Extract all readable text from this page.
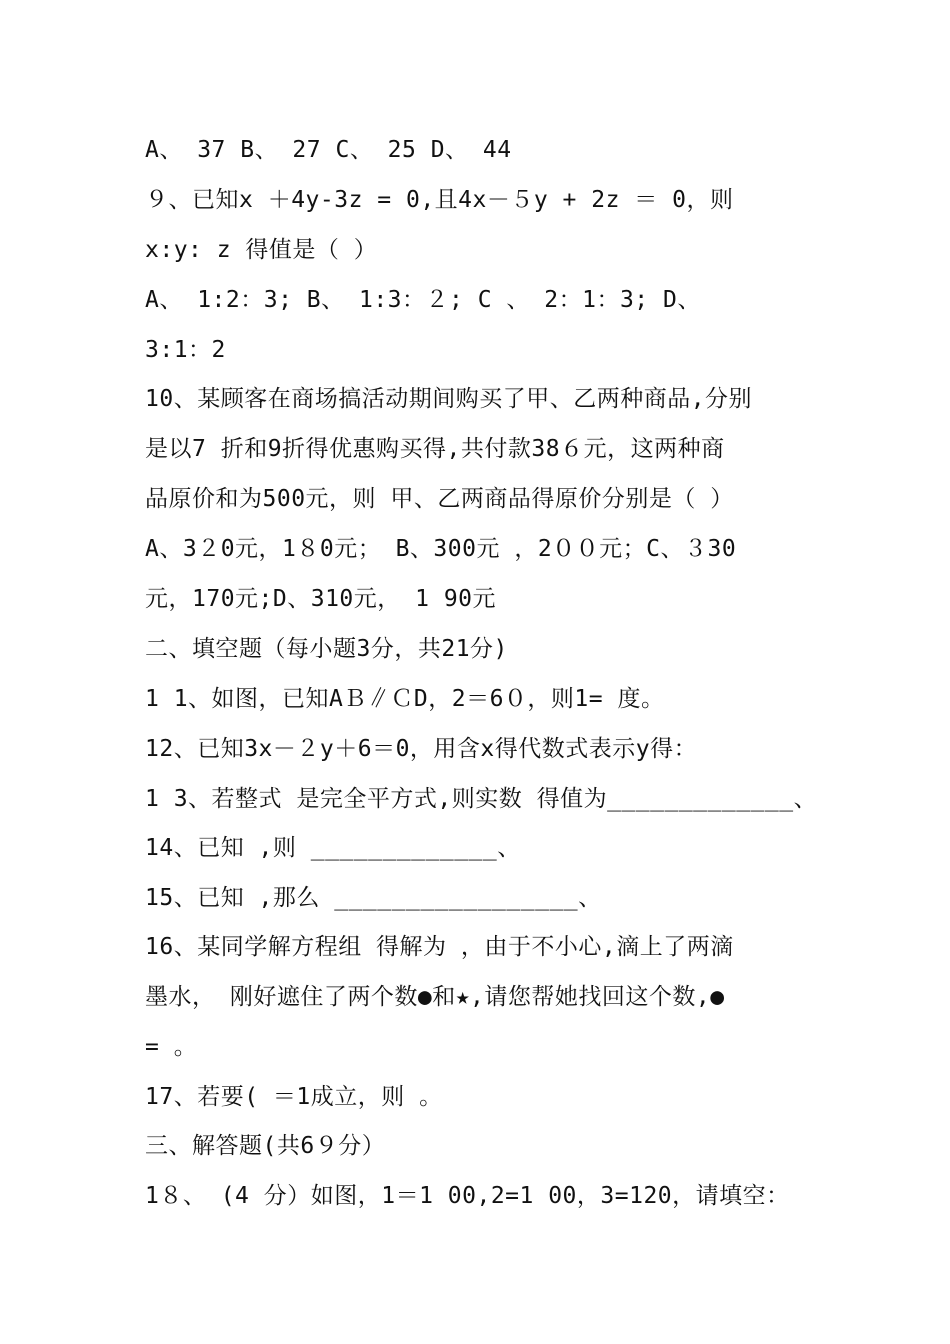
A、 37 B、 27 C、 25 D、 44
９、已知x ＋4y-3z = 0,且4x－５y + 2z ＝ 0，则
x:y: z 得值是（ ）
A、 1:2：3; B、 1:3：２; C 、 2：1：3; D、
3:1：2
10、某顾客在商场搞活动期间购买了甲、乙两种商品,分别
是以7 折和9折得优惠购买得,共付款38６元，这两种商
品原价和为500元，则 甲、乙两商品得原价分别是（ ）
A、3２0元，1８0元； B、300元 ，2００元；C、３30
元，170元;D、310元， 1 90元
二、填空题（每小题3分，共21分)
1 1、如图，已知AＢ∥ＣD，2＝6０，则1= 度。
12、已知3x－２y＋6＝0，用含x得代数式表示y得：
1 3、若整式 是完全平方式,则实数 得值为_____________、
14、已知 ,则 _____________、
15、已知 ,那么 _________________、
16、某同学解方程组 得解为 ，由于不小心,滴上了两滴
墨水， 刚好遮住了两个数●和★,请您帮她找回这个数,●
= 。
17、若要( ＝1成立，则 。
三、解答题(共6９分）
1８、 (4 分）如图，1＝1 00,2=1 00，3=120，请填空：
